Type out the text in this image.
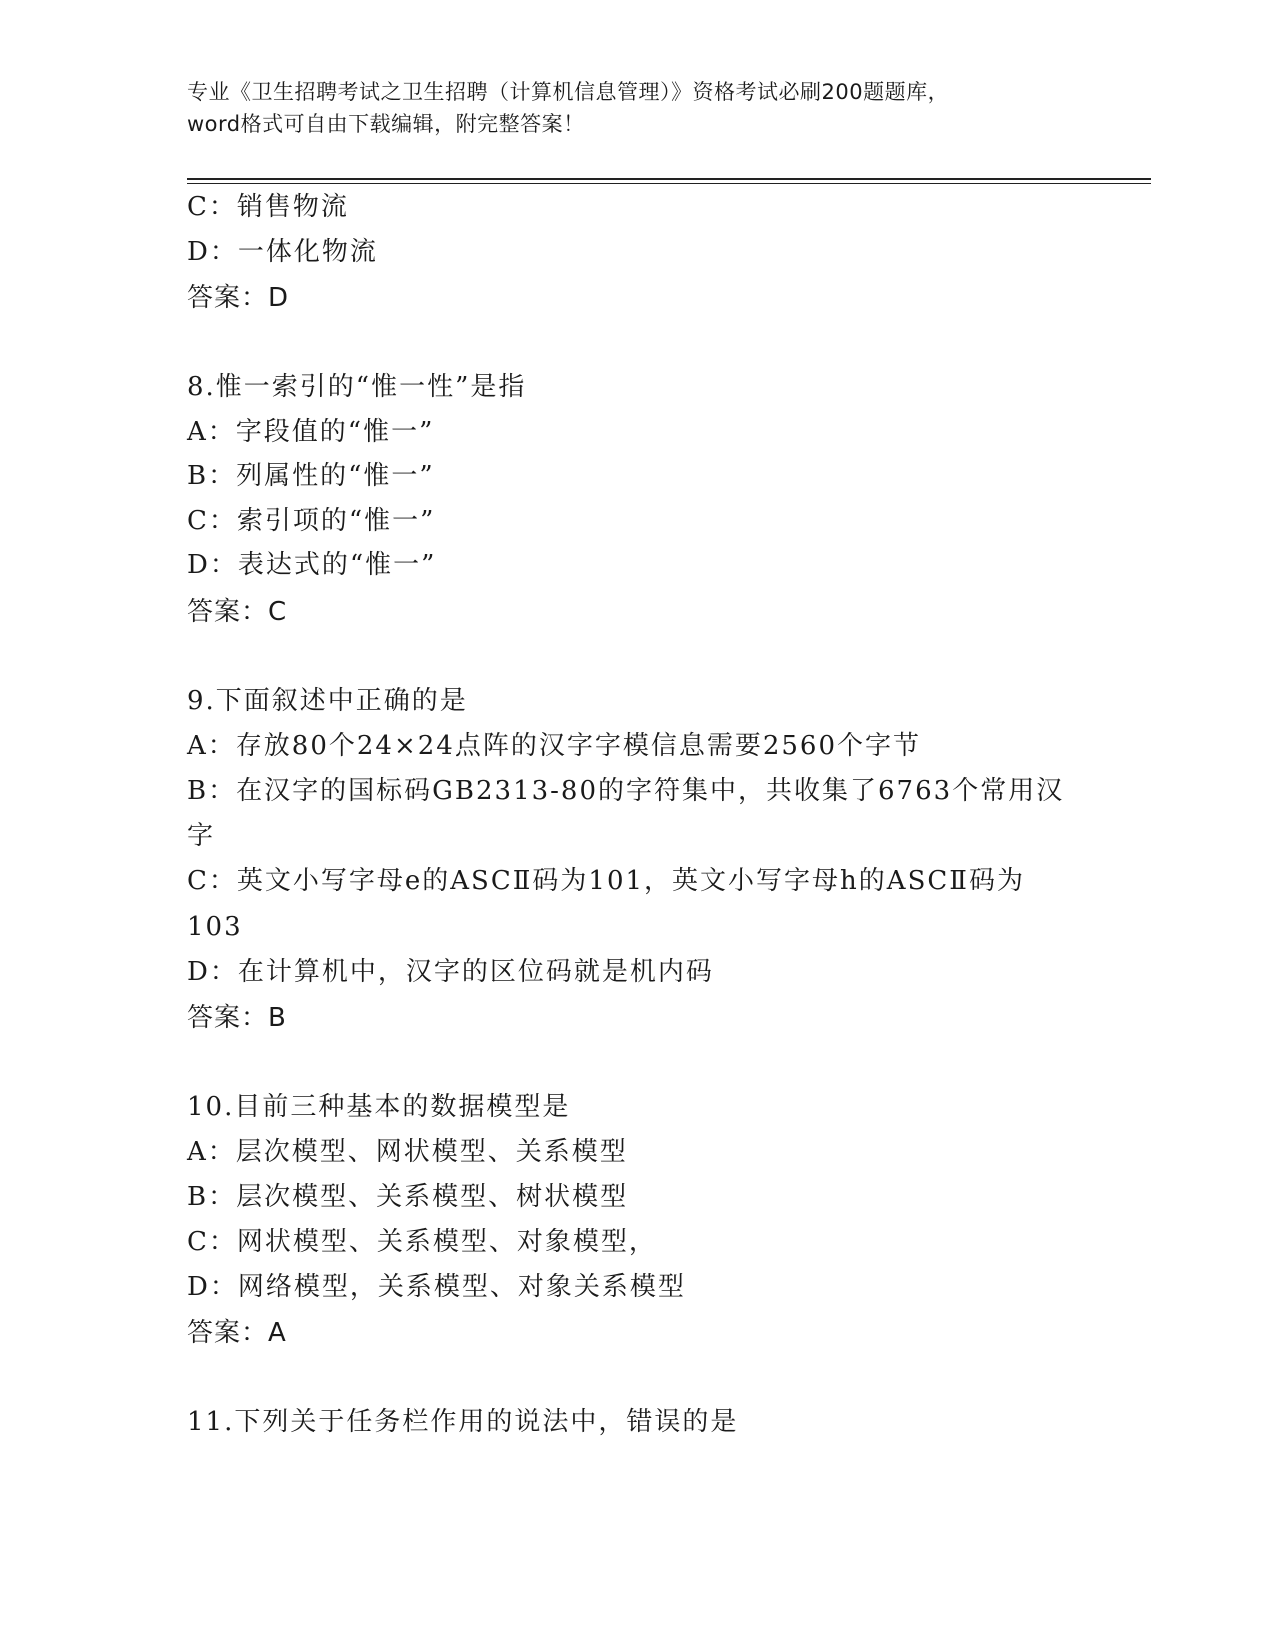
专业《卫生招聘考试之卫生招聘（计算机信息管理）》资格考试必刷200题题库，
word格式可自由下载编辑，附完整答案！
C：销售物流
D：一体化物流
答案：D
8.惟一索引的“惟一性”是指
A：字段值的“惟一”
B：列属性的“惟一”
C：索引项的“惟一”
D：表达式的“惟一”
答案：C
9.下面叙述中正确的是
A：存放80个24×24点阵的汉字字模信息需要2560个字节
B：在汉字的国标码GB2313-80的字符集中，共收集了6763个常用汉
字
C：英文小写字母e的ASCⅡ码为101，英文小写字母h的ASCⅡ码为
103
D：在计算机中，汉字的区位码就是机内码
答案：B
10.目前三种基本的数据模型是
A：层次模型、网状模型、关系模型
B：层次模型、关系模型、树状模型
C：网状模型、关系模型、对象模型，
D：网络模型，关系模型、对象关系模型
答案：A
11.下列关于任务栏作用的说法中，错误的是
